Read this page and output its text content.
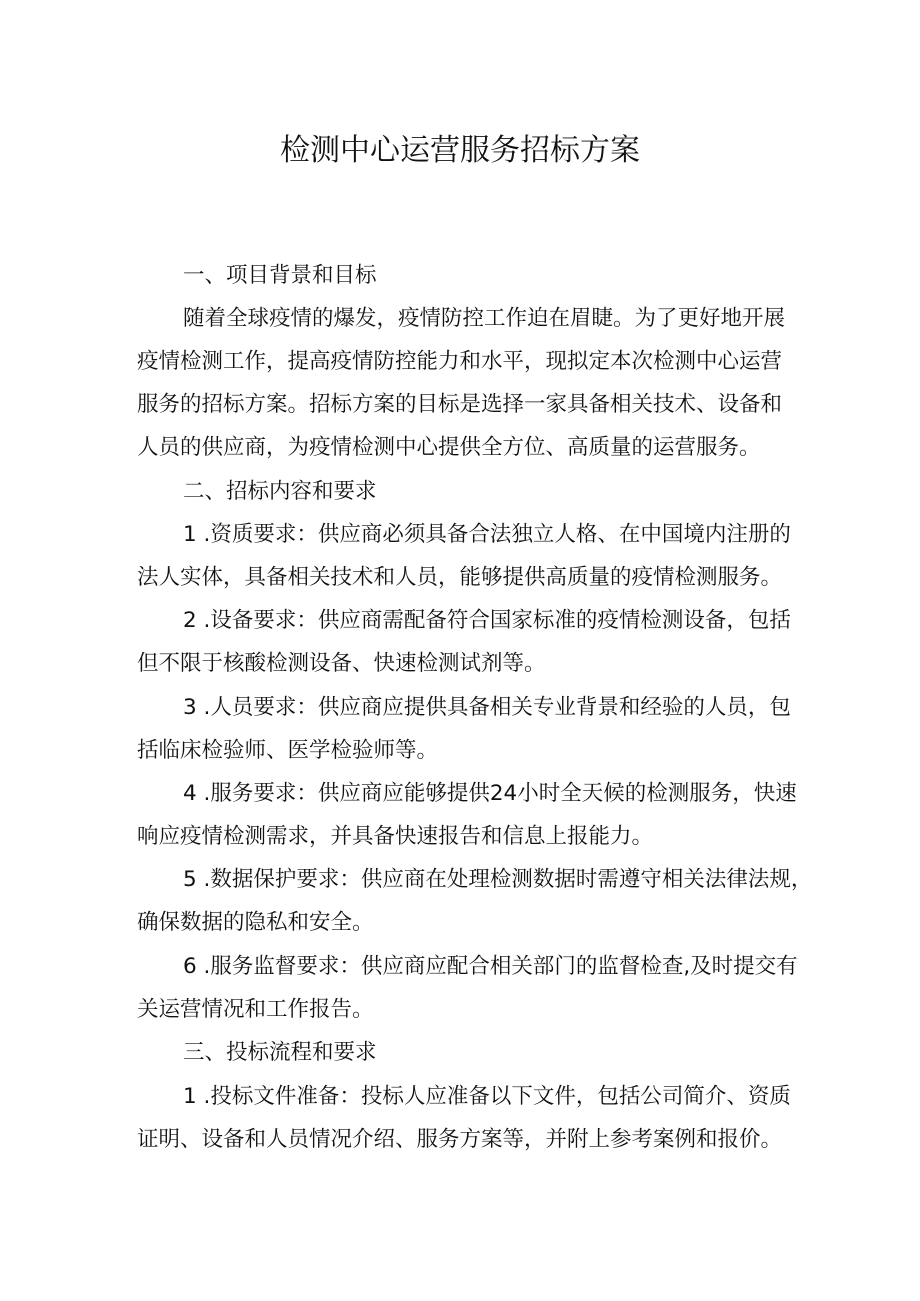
检测中心运营服务招标方案

一、项目背景和目标

随着全球疫情的爆发，疫情防控工作迫在眉睫。为了更好地开展

疫情检测工作，提高疫情防控能力和水平，现拟定本次检测中心运营

服务的招标方案。招标方案的目标是选择一家具备相关技术、设备和

人员的供应商，为疫情检测中心提供全方位、高质量的运营服务。

二、招标内容和要求

1 .资质要求：供应商必须具备合法独立人格、在中国境内注册的

法人实体，具备相关技术和人员，能够提供高质量的疫情检测服务。

2 .设备要求：供应商需配备符合国家标准的疫情检测设备，包括

但不限于核酸检测设备、快速检测试剂等。

3 .人员要求：供应商应提供具备相关专业背景和经验的人员，包

括临床检验师、医学检验师等。

4 .服务要求：供应商应能够提供24小时全天候的检测服务，快速

响应疫情检测需求，并具备快速报告和信息上报能力。

5 .数据保护要求：供应商在处理检测数据时需遵守相关法律法规，

确保数据的隐私和安全。

6 .服务监督要求：供应商应配合相关部门的监督检查,及时提交有

关运营情况和工作报告。

三、投标流程和要求

1 .投标文件准备：投标人应准备以下文件，包括公司简介、资质

证明、设备和人员情况介绍、服务方案等，并附上参考案例和报价。
